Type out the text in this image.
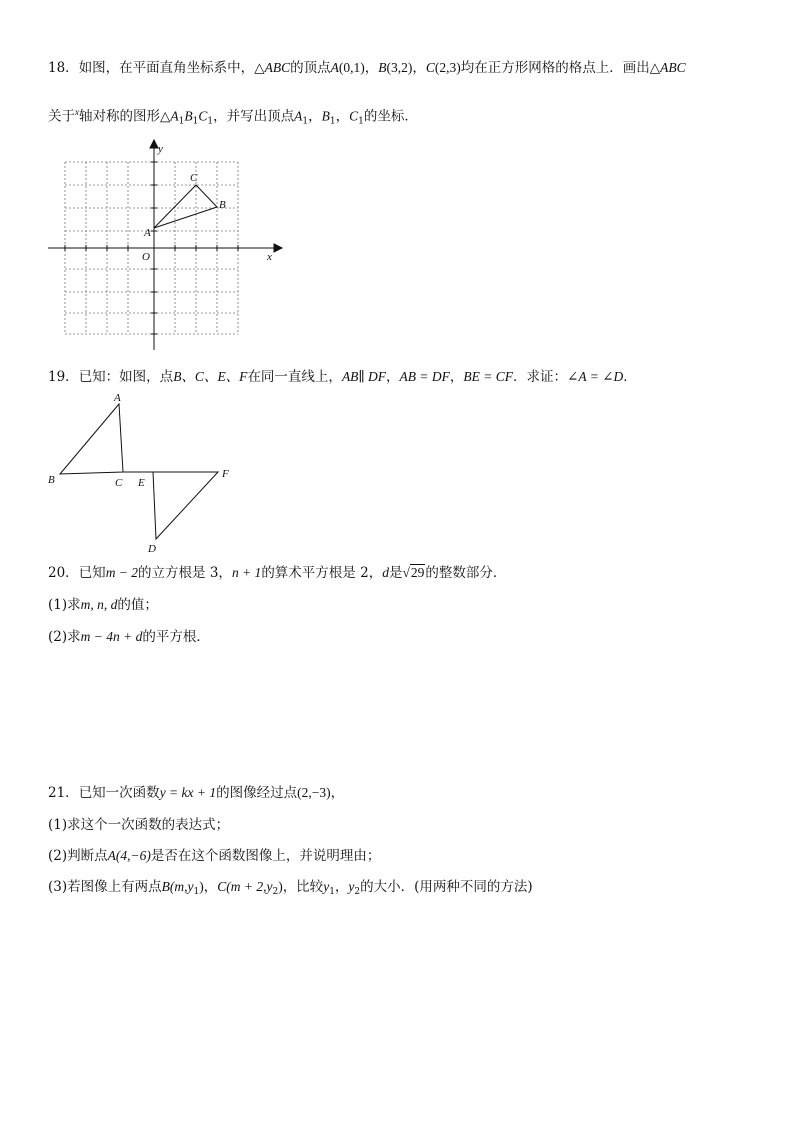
18．如图，在平面直角坐标系中，△ABC的顶点A(0,1)，B(3,2)，C(2,3)均在正方形网格的格点上．画出△ABC
关于$^x$轴对称的图形$\triangle A_1B_1C_1$，并写出顶点$A_1$，$B_1$，$C_1$的坐标．
y
x
O
A
C
B
19．已知：如图，点B、C、E、F在同一直线上，AB∥ DF，AB = DF，BE = CF．求证：∠A = ∠D．
A
B	C E
F
D
20．已知m − 2的立方根是 3，n + 1的算术平方根是 2，d是√29的整数部分．
(1)求m, n, d的值；
(2)求m − 4n + d的平方根．
21．已知一次函数y = kx + 1的图像经过点(2,−3)，
(1)求这个一次函数的表达式；
(2)判断点A(4,−6)是否在这个函数图像上，并说明理由；
(3)若图像上有两点$B(m,y_1)$，$C(m + 2,y_2)$，比较$y_1$，$y_2$的大小．(用两种不同的方法)
